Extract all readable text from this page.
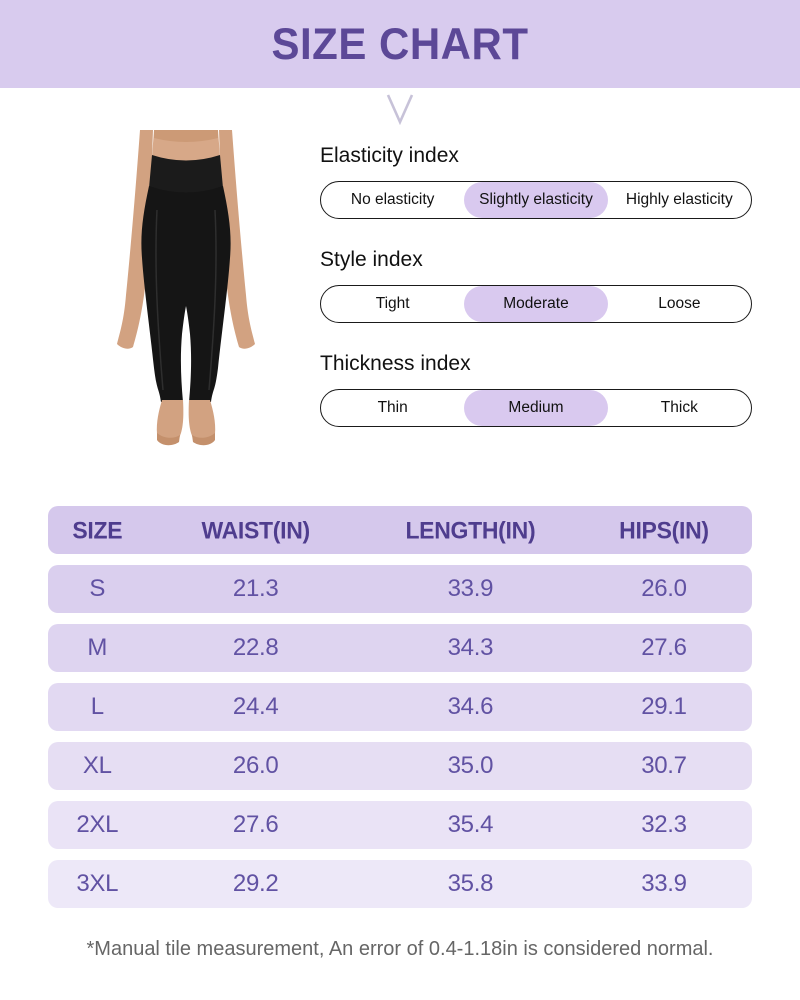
SIZE CHART
Elasticity index
No elasticity	Slightly elasticity	Highly elasticity
Style index
Tight	Moderate	Loose
Thickness index
Thin	Medium	Thick
SIZE	WAIST(IN)	LENGTH(IN)	HIPS(IN)
S	21.3	33.9	26.0
M	22.8	34.3	27.6
L	24.4	34.6	29.1
XL	26.0	35.0	30.7
2XL	27.6	35.4	32.3
3XL	29.2	35.8	33.9
*Manual tile measurement, An error of 0.4-1.18in is considered normal.
